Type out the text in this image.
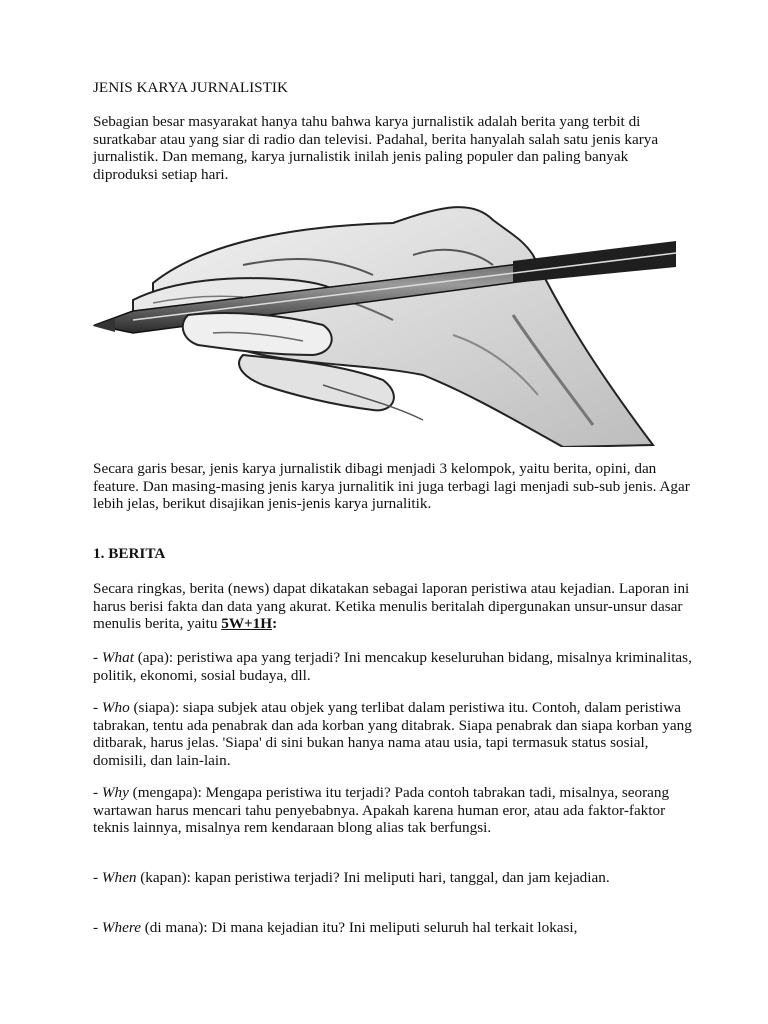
JENIS KARYA JURNALISTIK

Sebagian besar masyarakat hanya tahu bahwa karya jurnalistik adalah berita yang terbit di suratkabar atau yang siar di radio dan televisi. Padahal, berita hanyalah salah satu jenis karya jurnalistik. Dan memang, karya jurnalistik inilah jenis paling populer dan paling banyak diproduksi setiap hari.

Secara garis besar, jenis karya jurnalistik dibagi menjadi 3 kelompok, yaitu berita, opini, dan feature. Dan masing-masing jenis karya jurnalitik ini juga terbagi lagi menjadi sub-sub jenis. Agar lebih jelas, berikut disajikan jenis-jenis karya jurnalitik.

1. BERITA

Secara ringkas, berita (news) dapat dikatakan sebagai laporan peristiwa atau kejadian. Laporan ini harus berisi fakta dan data yang akurat. Ketika menulis beritalah dipergunakan unsur-unsur dasar menulis berita, yaitu 5W+1H:

- What (apa): peristiwa apa yang terjadi? Ini mencakup keseluruhan bidang, misalnya kriminalitas, politik, ekonomi, sosial budaya, dll.

- Who (siapa): siapa subjek atau objek yang terlibat dalam peristiwa itu. Contoh, dalam peristiwa tabrakan, tentu ada penabrak dan ada korban yang ditabrak. Siapa penabrak dan siapa korban yang ditbarak, harus jelas. 'Siapa' di sini bukan hanya nama atau usia, tapi termasuk status sosial, domisili, dan lain-lain.

- Why (mengapa): Mengapa peristiwa itu terjadi? Pada contoh tabrakan tadi, misalnya, seorang wartawan harus mencari tahu penyebabnya. Apakah karena human eror, atau ada faktor-faktor teknis lainnya, misalnya rem kendaraan blong alias tak berfungsi.

- When (kapan): kapan peristiwa terjadi? Ini meliputi hari, tanggal, dan jam kejadian.

- Where (di mana): Di mana kejadian itu? Ini meliputi seluruh hal terkait lokasi,
